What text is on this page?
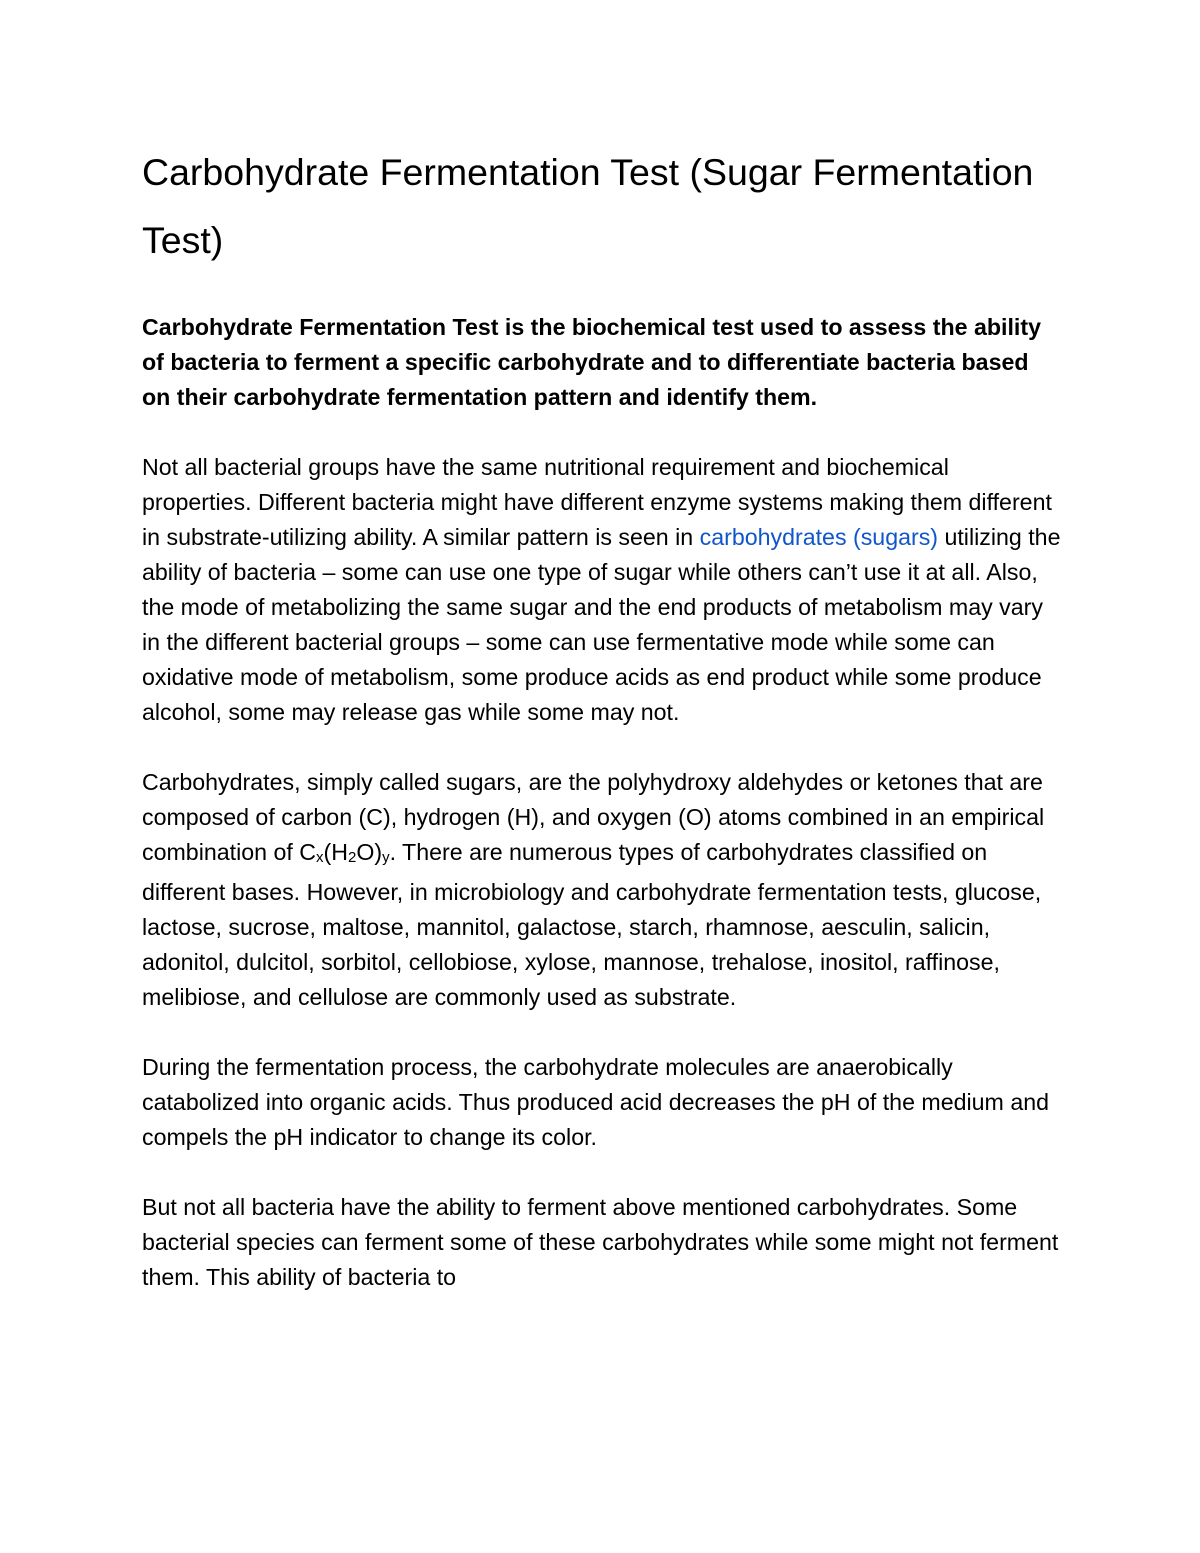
Carbohydrate Fermentation Test (Sugar Fermentation Test)

Carbohydrate Fermentation Test is the biochemical test used to assess the ability of bacteria to ferment a specific carbohydrate and to differentiate bacteria based on their carbohydrate fermentation pattern and identify them.

Not all bacterial groups have the same nutritional requirement and biochemical properties. Different bacteria might have different enzyme systems making them different in substrate-utilizing ability. A similar pattern is seen in carbohydrates (sugars) utilizing the ability of bacteria – some can use one type of sugar while others can’t use it at all. Also, the mode of metabolizing the same sugar and the end products of metabolism may vary in the different bacterial groups – some can use fermentative mode while some can oxidative mode of metabolism, some produce acids as end product while some produce alcohol, some may release gas while some may not.

Carbohydrates, simply called sugars, are the polyhydroxy aldehydes or ketones that are composed of carbon (C), hydrogen (H), and oxygen (O) atoms combined in an empirical combination of Cx(H2O)y. There are numerous types of carbohydrates classified on different bases. However, in microbiology and carbohydrate fermentation tests, glucose, lactose, sucrose, maltose, mannitol, galactose, starch, rhamnose, aesculin, salicin, adonitol, dulcitol, sorbitol, cellobiose, xylose, mannose, trehalose, inositol, raffinose, melibiose, and cellulose are commonly used as substrate.

During the fermentation process, the carbohydrate molecules are anaerobically catabolized into organic acids. Thus produced acid decreases the pH of the medium and compels the pH indicator to change its color.

But not all bacteria have the ability to ferment above mentioned carbohydrates. Some bacterial species can ferment some of these carbohydrates while some might not ferment them. This ability of bacteria to
